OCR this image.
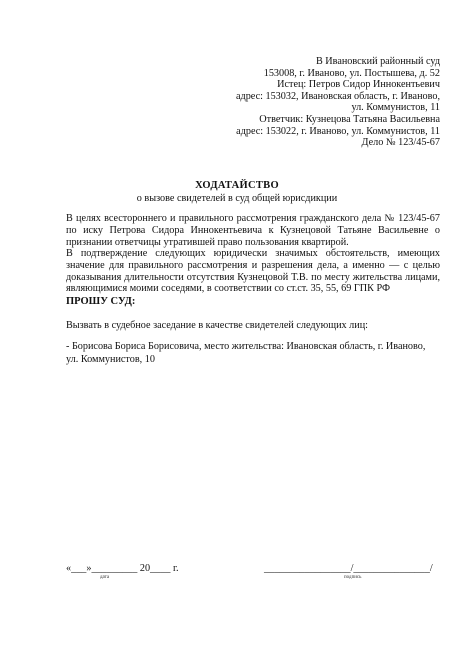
В Ивановский районный суд
153008, г. Иваново, ул. Постышева, д. 52
Истец: Петров Сидор Иннокентьевич
адрес: 153032, Ивановская область, г. Иваново,
ул. Коммунистов, 11
Ответчик: Кузнецова Татьяна Васильевна
адрес: 153022, г. Иваново, ул. Коммунистов, 11
Дело № 123/45-67
ХОДАТАЙСТВО
о вызове свидетелей в суд общей юрисдикции
В целях всестороннего и правильного рассмотрения гражданского дела № 123/45-67 по иску Петрова Сидора Иннокентьевича к Кузнецовой Татьяне Васильевне о признании ответчицы утратившей право пользования квартирой.
В подтверждение следующих юридически значимых обстоятельств, имеющих значение для правильного рассмотрения и разрешения дела, а именно — с целью доказывания длительности отсутствия Кузнецовой Т.В. по месту жительства лицами, являющимися моими соседями, в соответствии со ст.ст. 35, 55, 69 ГПК РФ
ПРОШУ СУД:
Вызвать в судебное заседание в качестве свидетелей следующих лиц:
- Борисова Бориса Борисовича, место жительства: Ивановская область, г. Иваново,
ул. Коммунистов, 10
«___»_________ 20____ г.
дата
_________________/_______________/
подпись
